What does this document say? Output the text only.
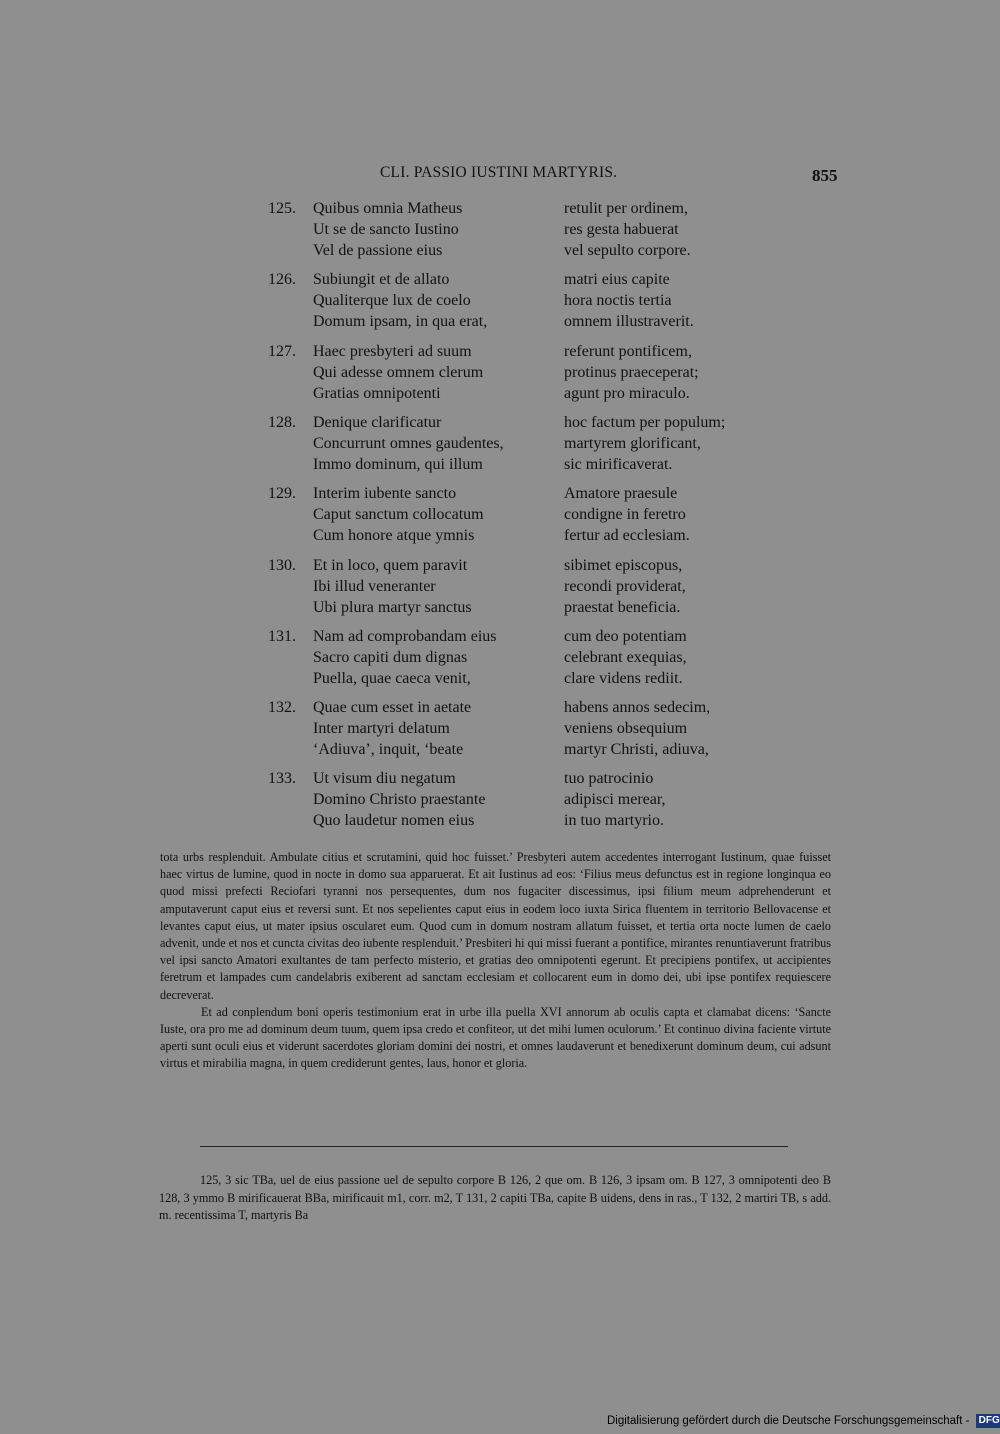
CLI. PASSIO IUSTINI MARTYRIS.	855
125. Quibus omnia Matheus	retulit per ordinem,
Ut se de sancto Iustino	res gesta habuerat
Vel de passione eius	vel sepulto corpore.
126. Subiungit et de allato	matri eius capite
Qualiterque lux de coelo	hora noctis tertia
Domum ipsam, in qua erat,	omnem illustraverit.
127. Haec presbyteri ad suum	referunt pontificem,
Qui adesse omnem clerum	protinus praeceperat;
Gratias omnipotenti	agunt pro miraculo.
128. Denique clarificatur	hoc factum per populum;
Concurrunt omnes gaudentes,	martyrem glorificant,
Immo dominum, qui illum	sic mirificaverat.
129. Interim iubente sancto	Amatore praesule
Caput sanctum collocatum	condigne in feretro
Cum honore atque ymnis	fertur ad ecclesiam.
130. Et in loco, quem paravit	sibimet episcopus,
Ibi illud veneranter	recondi providerat,
Ubi plura martyr sanctus	praestat beneficia.
131. Nam ad comprobandam eius	cum deo potentiam
Sacro capiti dum dignas	celebrant exequias,
Puella, quae caeca venit,	clare videns rediit.
132. Quae cum esset in aetate	habens annos sedecim,
Inter martyri delatum	veniens obsequium
‘Adiuva’, inquit, ‘beate	martyr Christi, adiuva,
133. Ut visum diu negatum	tuo patrocinio
Domino Christo praestante	adipisci merear,
Quo laudetur nomen eius	in tuo martyrio.

tota urbs resplenduit. Ambulate citius et scrutamini, quid hoc fuisset.’ Presbyteri autem accedentes interrogant Iustinum, quae fuisset haec virtus de lumine, quod in nocte in domo sua apparuerat. Et ait Iustinus ad eos: ‘Filius meus defunctus est in regione longinqua eo quod missi prefecti Reciofari tyranni nos persequentes, dum nos fugaciter discessimus, ipsi filium meum adprehenderunt et amputaverunt caput eius et reversi sunt. Et nos sepelientes caput eius in eodem loco iuxta Sirica fluentem in territorio Bellovacense et levantes caput eius, ut mater ipsius oscularet eum. Quod cum in domum nostram allatum fuisset, et tertia orta nocte lumen de caelo advenit, unde et nos et cuncta civitas deo iubente resplenduit.’ Presbiteri hi qui missi fuerant a pontifice, mirantes renuntiaverunt fratribus vel ipsi sancto Amatori exultantes de tam perfecto misterio, et gratias deo omnipotenti egerunt. Et precipiens pontifex, ut accipientes feretrum et lampades cum candelabris exiberent ad sanctam ecclesiam et collocarent eum in domo dei, ubi ipse pontifex requiescere decreverat.

Et ad conplendum boni operis testimonium erat in urbe illa puella XVI annorum ab oculis capta et clamabat dicens: ‘Sancte Iuste, ora pro me ad dominum deum tuum, quem ipsa credo et confiteor, ut det mihi lumen oculorum.’ Et continuo divina faciente virtute aperti sunt oculi eius et viderunt sacerdotes gloriam domini dei nostri, et omnes laudaverunt et benedixerunt dominum deum, cui adsunt virtus et mirabilia magna, in quem crediderunt gentes, laus, honor et gloria.

125, 3 sic TBa, uel de eius passione uel de sepulto corpore B 126, 2 que om. B 126, 3 ipsam om. B 127, 3 omnipotenti deo B 128, 3 ymmo B mirificauerat BBa, mirificauit m1, corr. m2, T 131, 2 capiti TBa, capite B uidens, dens in ras., T 132, 2 martiri TB, s add. m. recentissima T, martyris Ba

Digitalisierung gefördert durch die Deutsche Forschungsgemeinschaft - DFG
